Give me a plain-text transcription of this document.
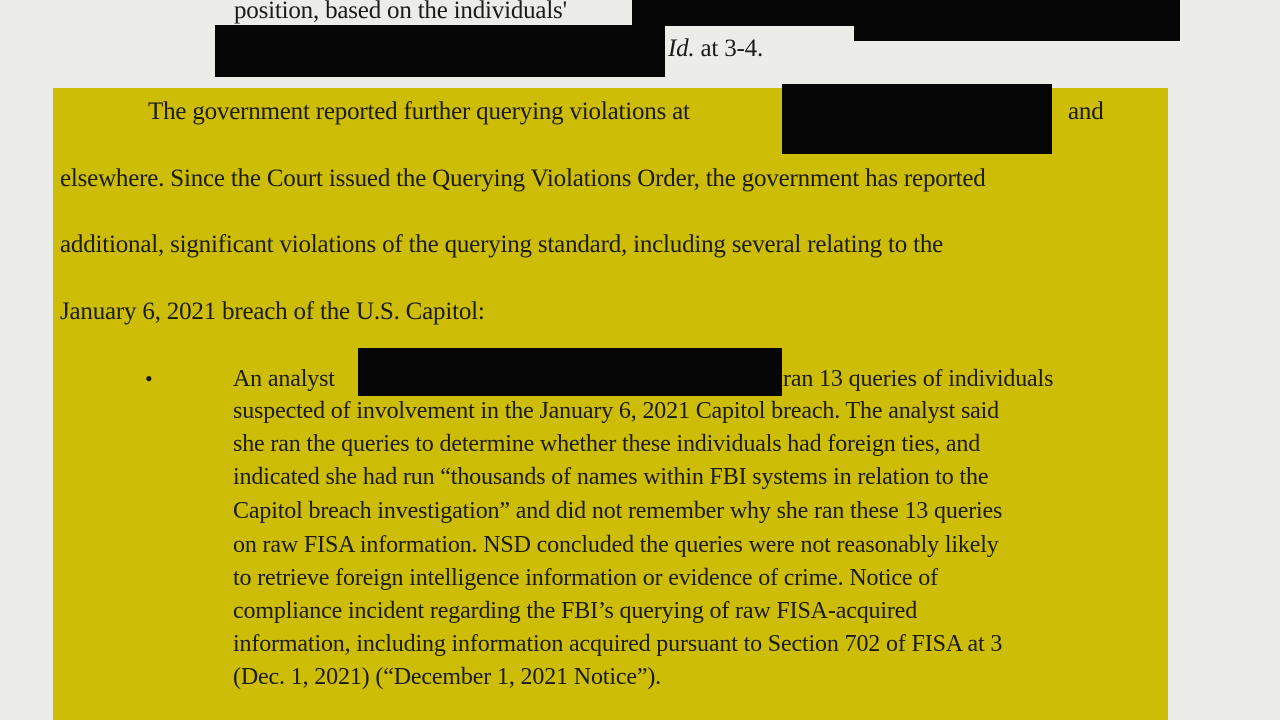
position, based on the individuals'
Id. at 3-4.
The government reported further querying violations at	and
elsewhere. Since the Court issued the Querying Violations Order, the government has reported
additional, significant violations of the querying standard, including several relating to the
January 6, 2021 breach of the U.S. Capitol:
•	An analyst	ran 13 queries of individuals
suspected of involvement in the January 6, 2021 Capitol breach. The analyst said
she ran the queries to determine whether these individuals had foreign ties, and
indicated she had run “thousands of names within FBI systems in relation to the
Capitol breach investigation” and did not remember why she ran these 13 queries
on raw FISA information. NSD concluded the queries were not reasonably likely
to retrieve foreign intelligence information or evidence of crime. Notice of
compliance incident regarding the FBI’s querying of raw FISA-acquired
information, including information acquired pursuant to Section 702 of FISA at 3
(Dec. 1, 2021) (“December 1, 2021 Notice”).
